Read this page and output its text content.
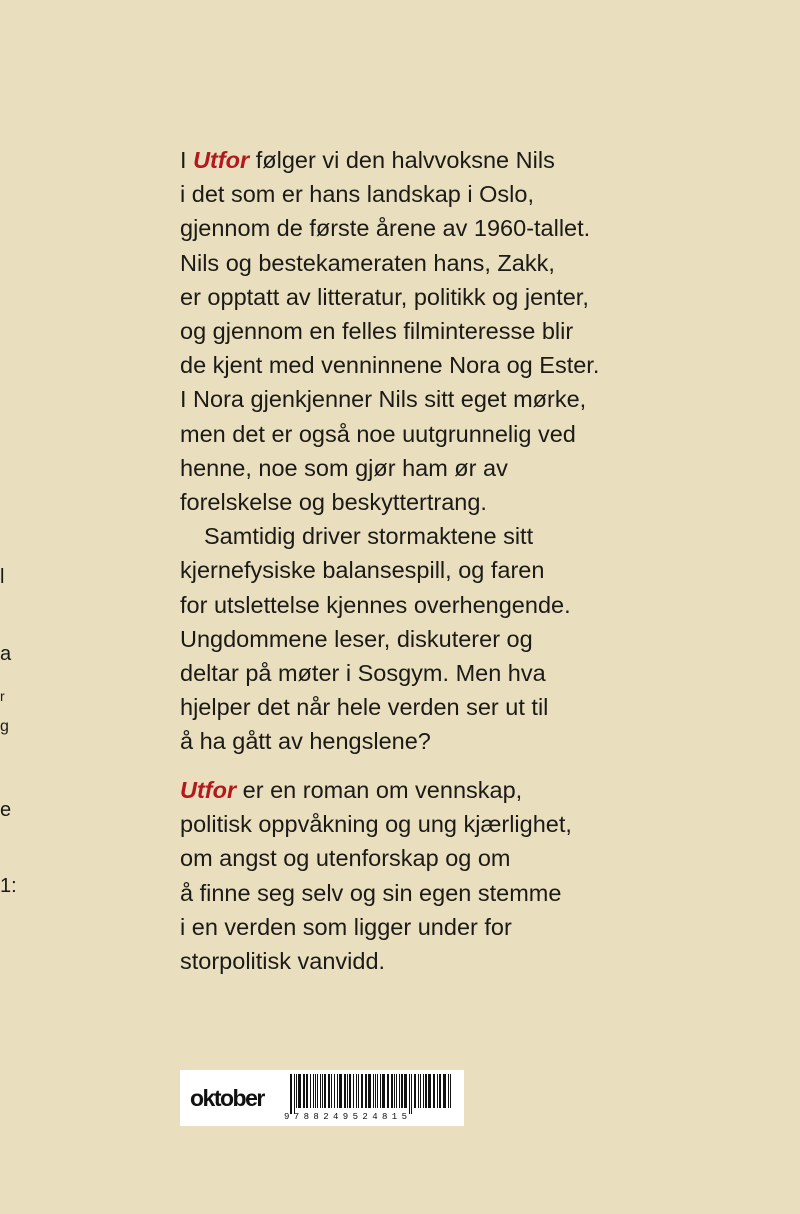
I Utfor følger vi den halvvoksne Nils
i det som er hans landskap i Oslo,
gjennom de første årene av 1960-tallet.
Nils og bestekameraten hans, Zakk,
er opptatt av litteratur, politikk og jenter,
og gjennom en felles filminteresse blir
de kjent med venninnene Nora og Ester.
I Nora gjenkjenner Nils sitt eget mørke,
men det er også noe uutgrunnelig ved
henne, noe som gjør ham ør av
forelskelse og beskyttertrang.
Samtidig driver stormaktene sitt
kjernefysiske balansespill, og faren
for utslettelse kjennes overhengende.
Ungdommene leser, diskuterer og
deltar på møter i Sosgym. Men hva
hjelper det når hele verden ser ut til
å ha gått av hengslene?
Utfor er en roman om vennskap,
politisk oppvåkning og ung kjærlighet,
om angst og utenforskap og om
å finne seg selv og sin egen stemme
i en verden som ligger under for
storpolitisk vanvidd.
l
a
r
g
e
1:
oktober
9788249524815
